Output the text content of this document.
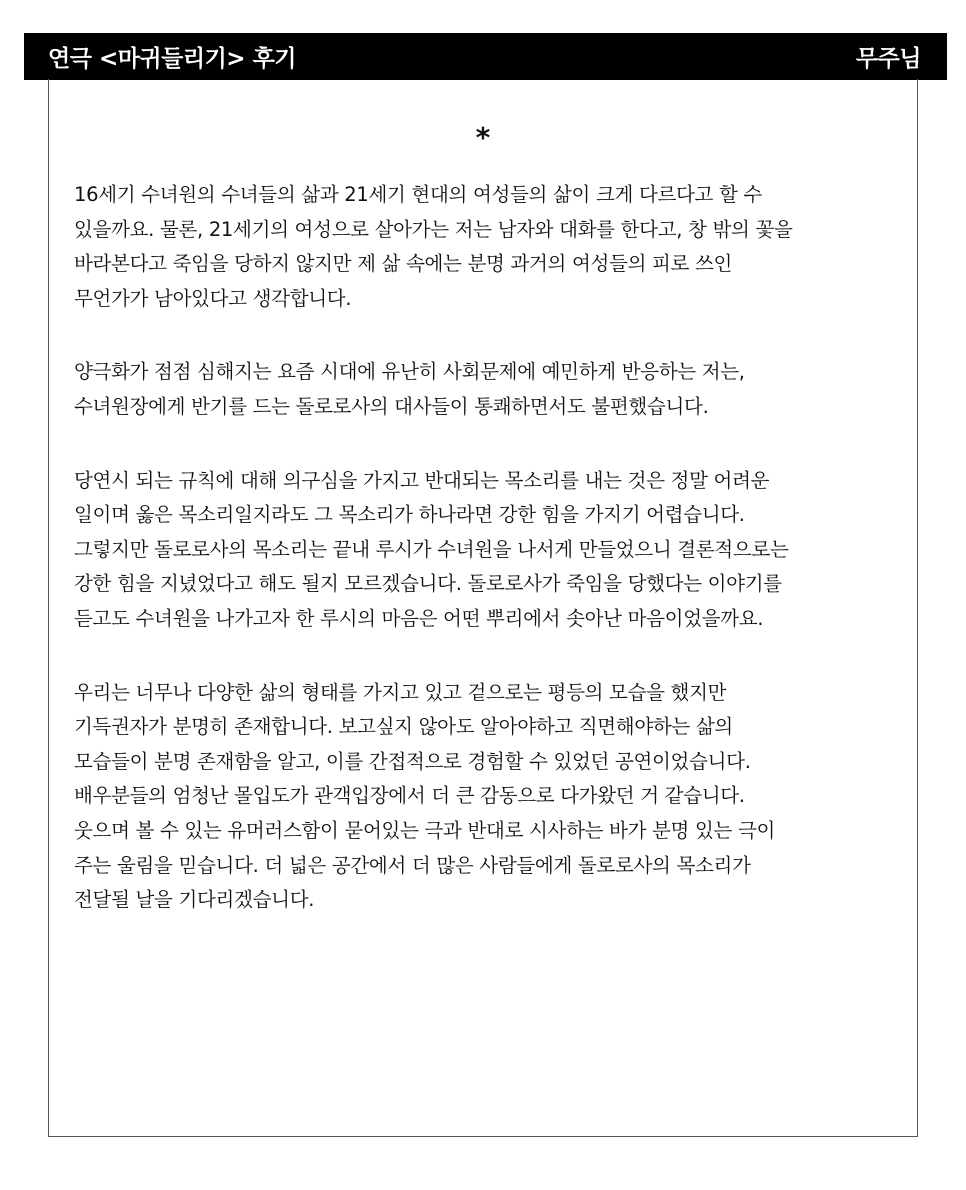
연극 <마귀들리기> 후기	무주님
*
16세기 수녀원의 수녀들의 삶과 21세기 현대의 여성들의 삶이 크게 다르다고 할 수
있을까요. 물론, 21세기의 여성으로 살아가는 저는 남자와 대화를 한다고, 창 밖의 꽃을
바라본다고 죽임을 당하지 않지만 제 삶 속에는 분명 과거의 여성들의 피로 쓰인
무언가가 남아있다고 생각합니다.
양극화가 점점 심해지는 요즘 시대에 유난히 사회문제에 예민하게 반응하는 저는,
수녀원장에게 반기를 드는 돌로로사의 대사들이 통쾌하면서도 불편했습니다.
당연시 되는 규칙에 대해 의구심을 가지고 반대되는 목소리를 내는 것은 정말 어려운
일이며 옳은 목소리일지라도 그 목소리가 하나라면 강한 힘을 가지기 어렵습니다.
그렇지만 돌로로사의 목소리는 끝내 루시가 수녀원을 나서게 만들었으니 결론적으로는
강한 힘을 지녔었다고 해도 될지 모르겠습니다. 돌로로사가 죽임을 당했다는 이야기를
듣고도 수녀원을 나가고자 한 루시의 마음은 어떤 뿌리에서 솟아난 마음이었을까요.
우리는 너무나 다양한 삶의 형태를 가지고 있고 겉으로는 평등의 모습을 했지만
기득권자가 분명히 존재합니다. 보고싶지 않아도 알아야하고 직면해야하는 삶의
모습들이 분명 존재함을 알고, 이를 간접적으로 경험할 수 있었던 공연이었습니다.
배우분들의 엄청난 몰입도가 관객입장에서 더 큰 감동으로 다가왔던 거 같습니다.
웃으며 볼 수 있는 유머러스함이 묻어있는 극과 반대로 시사하는 바가 분명 있는 극이
주는 울림을 믿습니다. 더 넓은 공간에서 더 많은 사람들에게 돌로로사의 목소리가
전달될 날을 기다리겠습니다.
